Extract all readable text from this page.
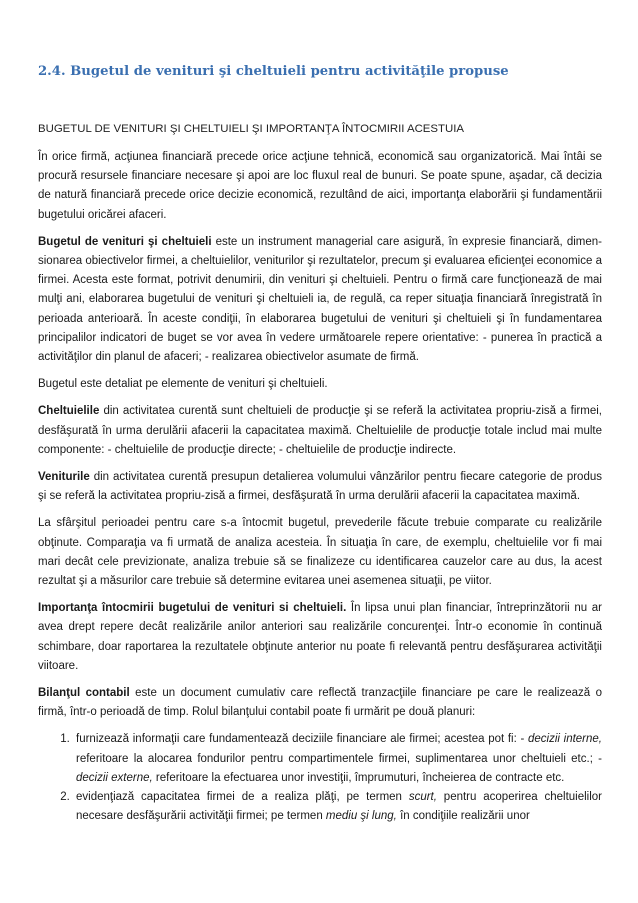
2.4. Bugetul de venituri şi cheltuieli pentru activităţile propuse
BUGETUL DE VENITURI ŞI CHELTUIELI ŞI IMPORTANŢA ÎNTOCMIRII ACESTUIA

În orice firmă, acţiunea financiară precede orice acţiune tehnică, economică sau organizatorică. Mai întâi se procură resursele financiare necesare şi apoi are loc fluxul real de bunuri. Se poate spune, aşadar, că decizia de natură financiară precede orice decizie economică, rezultând de aici, importanţa elaborării şi fundamentării bugetului oricărei afaceri.

Bugetul de venituri şi cheltuieli este un instrument managerial care asigură, în expresie financiară, dimen-sionarea obiectivelor firmei, a cheltuielilor, veniturilor şi rezultatelor, precum şi evaluarea eficienţei economice a firmei. Acesta este format, potrivit denumirii, din venituri şi cheltuieli. Pentru o firmă care funcţionează de mai mulţi ani, elaborarea bugetului de venituri şi cheltuieli ia, de regulă, ca reper situaţia financiară înregistrată în perioada anterioară. În aceste condiţii, în elaborarea bugetului de venituri şi cheltuieli şi în fundamentarea principalilor indicatori de buget se vor avea în vedere următoarele repere orientative: - punerea în practică a activităţilor din planul de afaceri; - realizarea obiectivelor asumate de firmă.

Bugetul este detaliat pe elemente de venituri şi cheltuieli.

Cheltuielile din activitatea curentă sunt cheltuieli de producţie şi se referă la activitatea propriu-zisă a firmei, desfăşurată în urma derulării afacerii la capacitatea maximă. Cheltuielile de producţie totale includ mai multe componente: - cheltuielile de producţie directe; - cheltuielile de producţie indirecte.

Veniturile din activitatea curentă presupun detalierea volumului vânzărilor pentru fiecare categorie de produs şi se referă la activitatea propriu-zisă a firmei, desfăşurată în urma derulării afacerii la capacitatea maximă.

La sfârşitul perioadei pentru care s-a întocmit bugetul, prevederile făcute trebuie comparate cu realizările obţinute. Comparaţia va fi urmată de analiza acesteia. În situaţia în care, de exemplu, cheltuielile vor fi mai mari decât cele previzionate, analiza trebuie să se finalizeze cu identificarea cauzelor care au dus, la acest rezultat şi a măsurilor care trebuie să determine evitarea unei asemenea situaţii, pe viitor.

Importanţa întocmirii bugetului de venituri si cheltuieli. În lipsa unui plan financiar, întreprinzătorii nu ar avea drept repere decât realizările anilor anteriori sau realizările concurenţei. Într-o economie în continuă schimbare, doar raportarea la rezultatele obţinute anterior nu poate fi relevantă pentru desfăşurarea activităţii viitoare.

Bilanţul contabil este un document cumulativ care reflectă tranzacţiile financiare pe care le realizează o firmă, într-o perioadă de timp. Rolul bilanţului contabil poate fi urmărit pe două planuri:

1. furnizează informaţii care fundamentează deciziile financiare ale firmei; acestea pot fi: - decizii interne, referitoare la alocarea fondurilor pentru compartimentele firmei, suplimentarea unor cheltuieli etc.; - decizii externe, referitoare la efectuarea unor investiţii, împrumuturi, încheierea de contracte etc.
2. evidenţiază capacitatea firmei de a realiza plăţi, pe termen scurt, pentru acoperirea cheltuielilor necesare desfăşurării activităţii firmei; pe termen mediu şi lung, în condiţiile realizării unor
